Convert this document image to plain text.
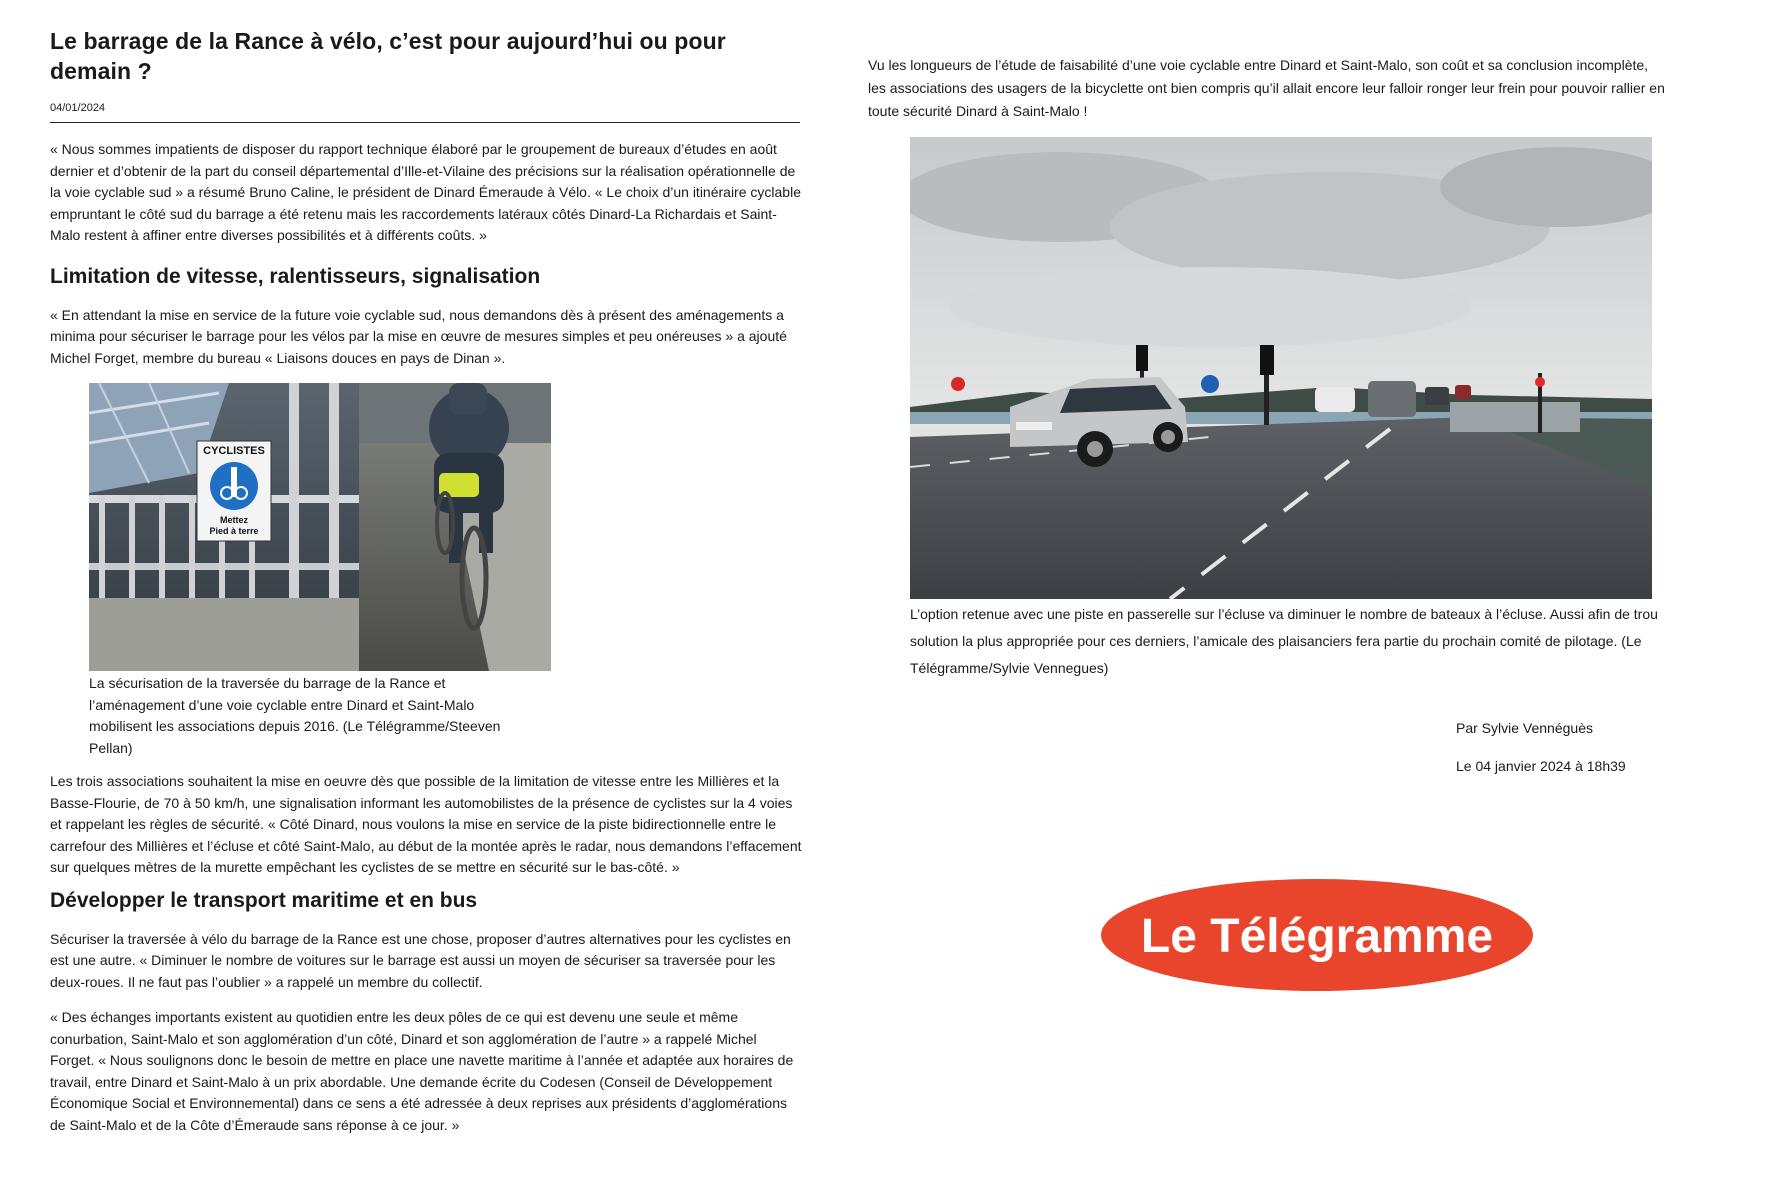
Le barrage de la Rance à vélo, c’est pour aujourd’hui ou pour demain ?
04/01/2024

« Nous sommes impatients de disposer du rapport technique élaboré par le groupement de bureaux d’études en août dernier et d’obtenir de la part du conseil départemental d’Ille-et-Vilaine des précisions sur la réalisation opérationnelle de la voie cyclable sud » a résumé Bruno Caline, le président de Dinard Émeraude à Vélo. « Le choix d’un itinéraire cyclable empruntant le côté sud du barrage a été retenu mais les raccordements latéraux côtés Dinard-La Richardais et Saint-Malo restent à affiner entre diverses possibilités et à différents coûts. »

Limitation de vitesse, ralentisseurs, signalisation

« En attendant la mise en service de la future voie cyclable sud, nous demandons dès à présent des aménagements a minima pour sécuriser le barrage pour les vélos par la mise en œuvre de mesures simples et peu onéreuses » a ajouté Michel Forget, membre du bureau « Liaisons douces en pays de Dinan ».

CYCLISTES
Mettez
Pied à terre
La sécurisation de la traversée du barrage de la Rance et l’aménagement d’une voie cyclable entre Dinard et Saint-Malo mobilisent les associations depuis 2016. (Le Télégramme/Steeven Pellan)

Les trois associations souhaitent la mise en oeuvre dès que possible de la limitation de vitesse entre les Millières et la Basse-Flourie, de 70 à 50 km/h, une signalisation informant les automobilistes de la présence de cyclistes sur la 4 voies et rappelant les règles de sécurité. « Côté Dinard, nous voulons la mise en service de la piste bidirectionnelle entre le carrefour des Millières et l’écluse et côté Saint-Malo, au début de la montée après le radar, nous demandons l’effacement sur quelques mètres de la murette empêchant les cyclistes de se mettre en sécurité sur le bas-côté. »

Développer le transport maritime et en bus

Sécuriser la traversée à vélo du barrage de la Rance est une chose, proposer d’autres alternatives pour les cyclistes en est une autre. « Diminuer le nombre de voitures sur le barrage est aussi un moyen de sécuriser sa traversée pour les deux-roues. Il ne faut pas l’oublier » a rappelé un membre du collectif.

« Des échanges importants existent au quotidien entre les deux pôles de ce qui est devenu une seule et même conurbation, Saint-Malo et son agglomération d’un côté, Dinard et son agglomération de l’autre » a rappelé Michel Forget. « Nous soulignons donc le besoin de mettre en place une navette maritime à l’année et adaptée aux horaires de travail, entre Dinard et Saint-Malo à un prix abordable. Une demande écrite du Codesen (Conseil de Développement Économique Social et Environnemental) dans ce sens a été adressée à deux reprises aux présidents d’agglomérations de Saint-Malo et de la Côte d’Émeraude sans réponse à ce jour. »

Vu les longueurs de l’étude de faisabilité d’une voie cyclable entre Dinard et Saint-Malo, son coût et sa conclusion incomplète, les associations des usagers de la bicyclette ont bien compris qu’il allait encore leur falloir ronger leur frein pour pouvoir rallier en toute sécurité Dinard à Saint-Malo !
L’option retenue avec une piste en passerelle sur l’écluse va diminuer le nombre de bateaux à l’écluse. Aussi afin de trou
solution la plus appropriée pour ces derniers, l’amicale des plaisanciers fera partie du prochain comité de pilotage. (Le
Télégramme/Sylvie Vennegues)
Par Sylvie Vennéguès
Le 04 janvier 2024 à 18h39
Le Télégramme
